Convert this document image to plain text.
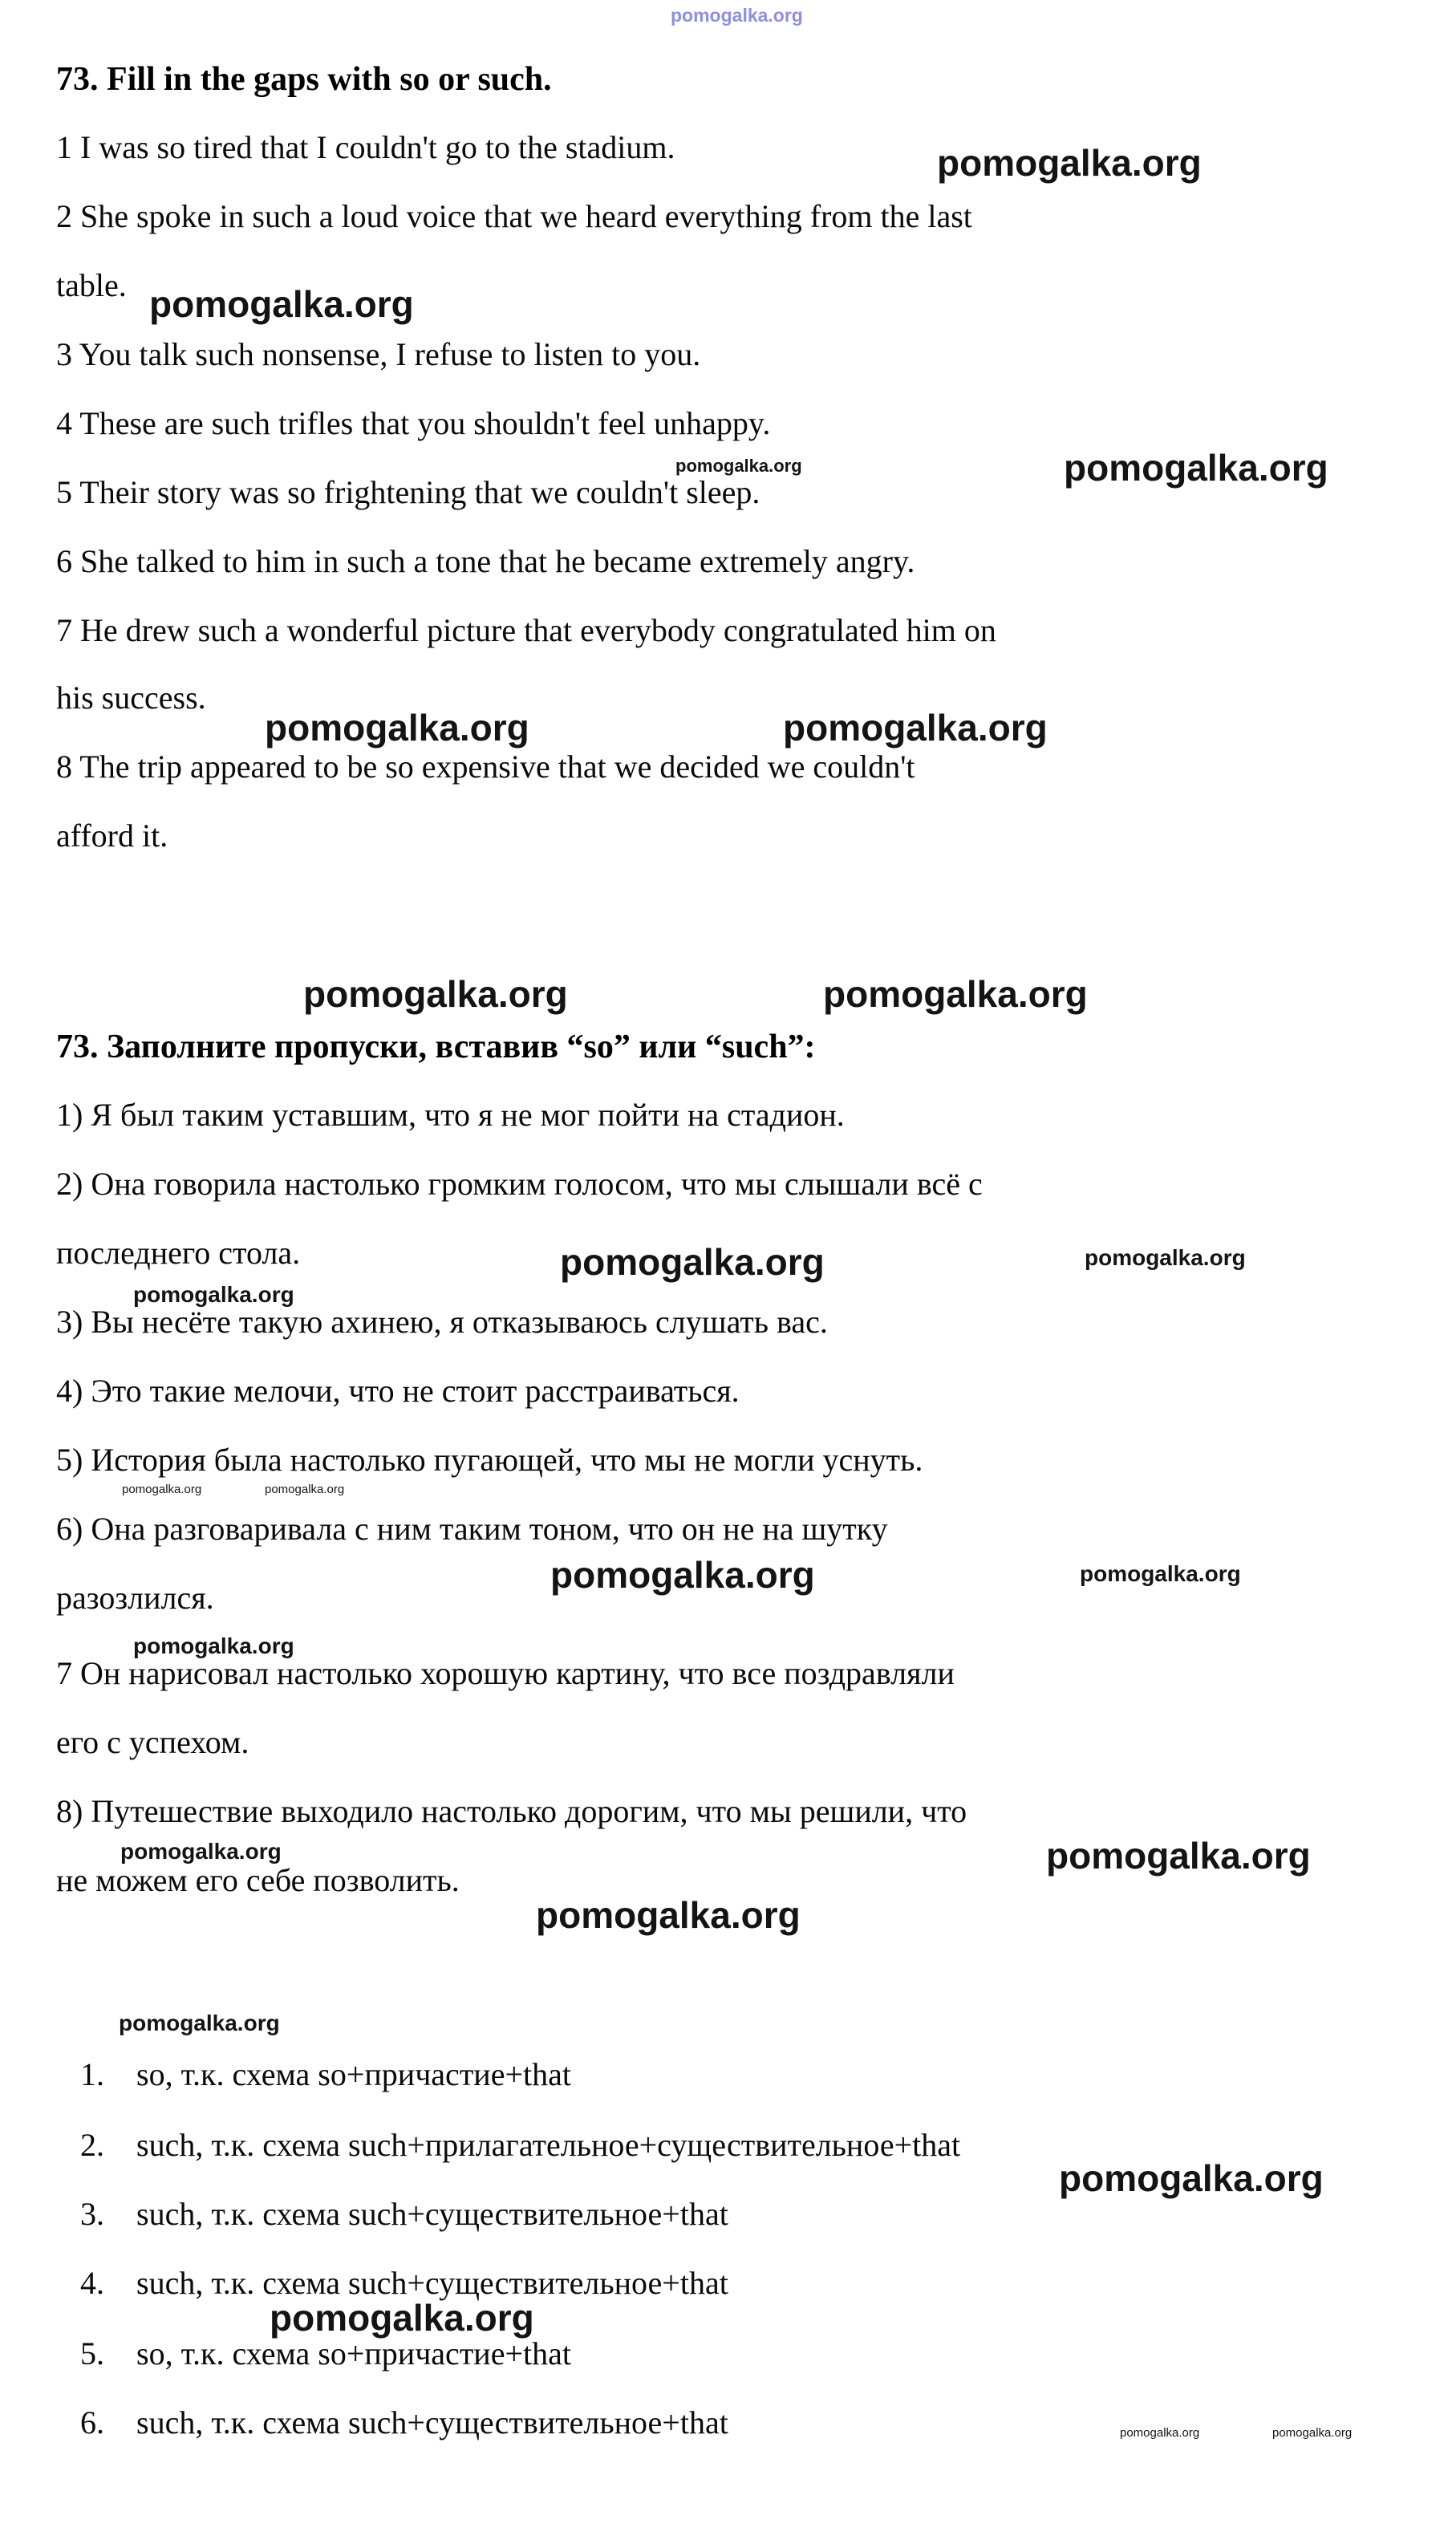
pomogalka.org
73. Fill in the gaps with so or such.
1 I was so tired that I couldn't go to the stadium.	pomogalka.org
2 She spoke in such a loud voice that we heard everything from the last
table. pomogalka.org
3 You talk such nonsense, I refuse to listen to you.
4 These are such trifles that you shouldn't feel unhappy.
pomogalka.org	pomogalka.org
5 Their story was so frightening that we couldn't sleep.
6 She talked to him in such a tone that he became extremely angry.
7 He drew such a wonderful picture that everybody congratulated him on
his success.
pomogalka.org	pomogalka.org
8 The trip appeared to be so expensive that we decided we couldn't
afford it.
pomogalka.org	pomogalka.org
73. Заполните пропуски, вставив “so” или “such”:
1) Я был таким уставшим, что я не мог пойти на стадион.
2) Она говорила настолько громким голосом, что мы слышали всё с
последнего стола.	pomogalka.org	pomogalka.org
pomogalka.org
3) Вы несёте такую ахинею, я отказываюсь слушать вас.
4) Это такие мелочи, что не стоит расстраиваться.
5) История была настолько пугающей, что мы не могли уснуть.
pomogalka.org	pomogalka.org
6) Она разговаривала с ним таким тоном, что он не на шутку
pomogalka.org	pomogalka.org
разозлился.
pomogalka.org
7 Он нарисовал настолько хорошую картину, что все поздравляли
его с успехом.
8) Путешествие выходило настолько дорогим, что мы решили, что
pomogalka.org	pomogalka.org
не можем его себе позволить.
pomogalka.org
pomogalka.org
1. so, т.к. схема so+причастие+that
2. such, т.к. схема such+прилагательное+существительное+that
pomogalka.org
3. such, т.к. схема such+существительное+that
4. such, т.к. схема such+существительное+that
pomogalka.org
5. so, т.к. схема so+причастие+that
6. such, т.к. схема such+существительное+that	pomogalka.org	pomogalka.org
